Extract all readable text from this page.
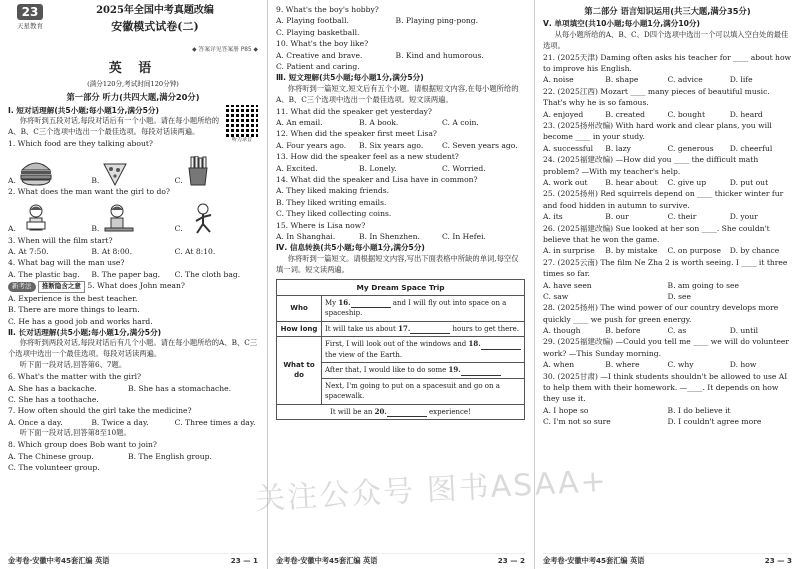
23
天星教育
2025年全国中考真题改编
安徽模式试卷(二)
◆ 答案详见答案册 P85 ◆
英 语
(满分120分,考试时间120分钟)
第一部分 听力(共四大题,满分20分)
听力录音
Ⅰ. 短对话理解(共5小题;每小题1分,满分5分)
你将听到五段对话,每段对话后有一个小题。请在每小题所给的A、B、C三个选项中选出一个最佳选项。每段对话读两遍。
1. Which food are they talking about?
A.	B.	C.
2. What does the man want the girl to do?
A.	B.	C.
3. When will the film start?
A. At 7:50.	B. At 8:00.	C. At 8:10.
4. What bag will the man use?
A. The plastic bag.	B. The paper bag.	C. The cloth bag.
新考法 推断隐含之意 5. What does John mean?
A. Experience is the best teacher.
B. There are more things to learn.
C. He has a good job and works hard.
Ⅱ. 长对话理解(共5小题;每小题1分,满分5分)
你将听到两段对话,每段对话后有几个小题。请在每小题所给的A、B、C三个选项中选出一个最佳选项。每段对话读两遍。
听下面一段对话,回答第6、7题。
6. What's the matter with the girl?
A. She has a backache.	B. She has a stomachache.
C. She has a toothache.
7. How often should the girl take the medicine?
A. Once a day.	B. Twice a day.	C. Three times a day.
听下面一段对话,回答第8至10题。
8. Which group does Bob want to join?
A. The Chinese group.	B. The English group.
C. The volunteer group.
金考卷·安徽中考45套汇编 英语	23 — 1
9. What's the boy's hobby?
A. Playing football.	B. Playing ping-pong.
C. Playing basketball.
10. What's the boy like?
A. Creative and brave.	B. Kind and humorous.
C. Patient and caring.
Ⅲ. 短文理解(共5小题;每小题1分,满分5分)
你将听到一篇短文,短文后有五个小题。请根据短文内容,在每小题所给的A、B、C三个选项中选出一个最佳选项。短文读两遍。
11. What did the speaker get yesterday?
A. An email.	B. A book.	C. A coin.
12. When did the speaker first meet Lisa?
A. Four years ago.	B. Six years ago.	C. Seven years ago.
13. How did the speaker feel as a new student?
A. Excited.	B. Lonely.	C. Worried.
14. What did the speaker and Lisa have in common?
A. They liked making friends.
B. They liked writing emails.
C. They liked collecting coins.
15. Where is Lisa now?
A. In Shanghai.	B. In Shenzhen.	C. In Hefei.
Ⅳ. 信息转换(共5小题;每小题1分,满分5分)
你将听到一篇短文。请根据短文内容,写出下面表格中所缺的单词,每空仅填一词。短文读两遍。
My Dream Space Trip	
Who	My 16. and I will fly out into space on a spaceship.
How long	It will take us about 17. hours to get there.
What to do	First, I will look out of the windows and 18. the view of the Earth.
	After that, I would like to do some 19.
	Next, I'm going to put on a spacesuit and go on a spacewalk.
It will be an 20. experience!	
金考卷·安徽中考45套汇编 英语	23 — 2
第二部分 语言知识运用(共三大题,满分35分)
Ⅴ. 单项填空(共10小题;每小题1分,满分10分)
从每小题所给的A、B、C、D四个选项中选出一个可以填入空白处的最佳选项。
21. (2025天津) Daming often asks his teacher for ____ about how to improve his English.
A. noise	B. shape	C. advice	D. life
22. (2025江西) Mozart ____ many pieces of beautiful music. That's why he is so famous.
A. enjoyed	B. created	C. bought	D. heard
23. (2025扬州改编) With hard work and clear plans, you will become ____ in your study.
A. successful	B. lazy	C. generous	D. cheerful
24. (2025福建改编) —How did you ____ the difficult math problem? —With my teacher's help.
A. work out	B. hear about	C. give up	D. put out
25. (2025扬州) Red squirrels depend on ____ thicker winter fur and food hidden in autumn to survive.
A. its	B. our	C. their	D. your
26. (2025福建改编) Sue looked at her son ____. She couldn't believe that he won the game.
A. in surprise	B. by mistake	C. on purpose	D. by chance
27. (2025云南) The film Ne Zha 2 is worth seeing. I ____ it three times so far.
A. have seen	B. am going to see
C. saw	D. see
28. (2025扬州) The wind power of our country develops more quickly ____ we push for green energy.
A. though	B. before	C. as	D. until
29. (2025福建改编) —Could you tell me ____ we will do volunteer work? —This Sunday morning.
A. when	B. where	C. why	D. how
30. (2025甘肃) —I think students shouldn't be allowed to use AI to help them with their homework. —____. It depends on how they use it.
A. I hope so	B. I do believe it
C. I'm not so sure	D. I couldn't agree more
金考卷·安徽中考45套汇编 英语	23 — 3
关注公众号 图书ASAA+
